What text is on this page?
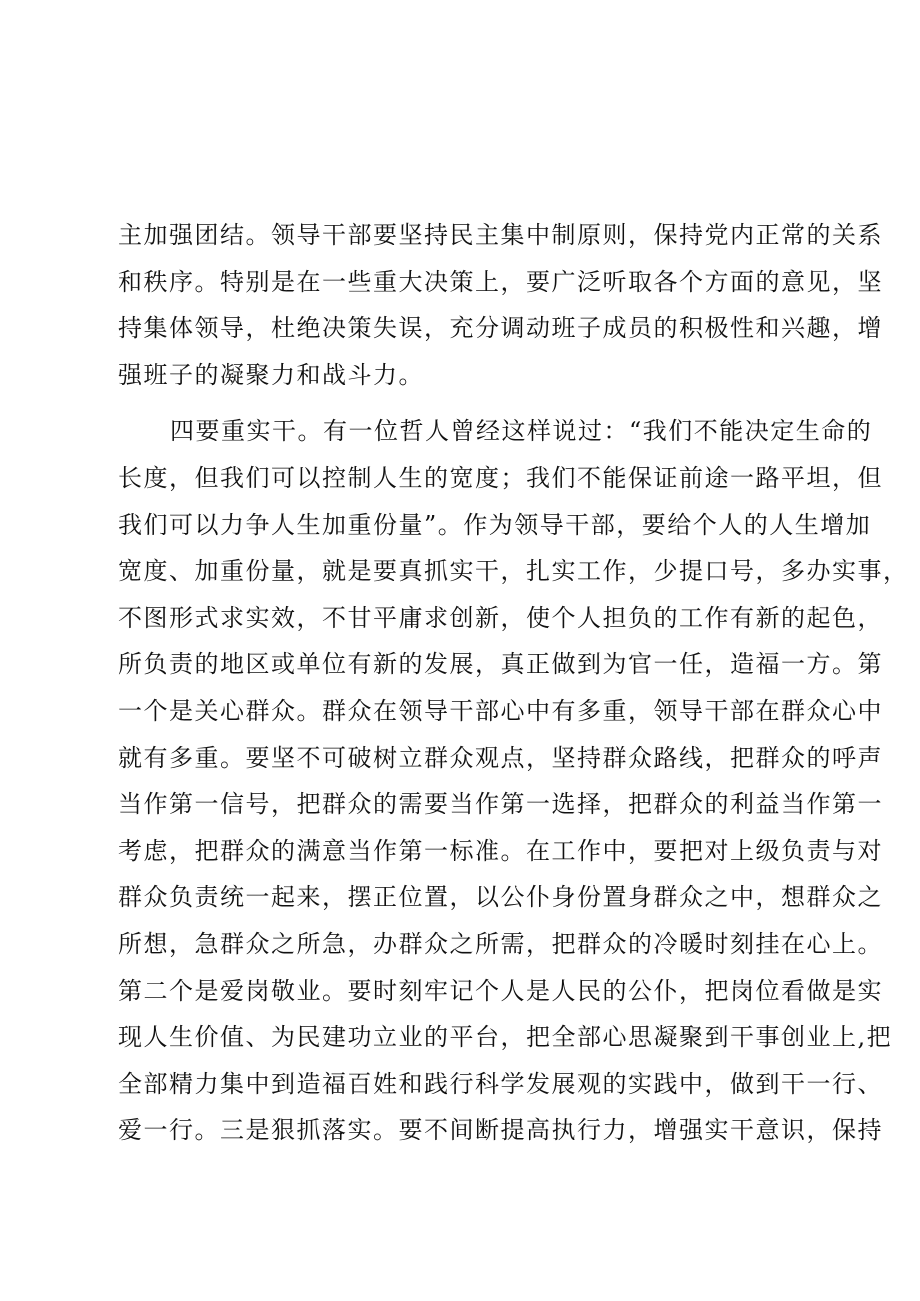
主加强团结。领导干部要坚持民主集中制原则，保持党内正常的关系
和秩序。特别是在一些重大决策上，要广泛听取各个方面的意见，坚
持集体领导，杜绝决策失误，充分调动班子成员的积极性和兴趣，增
强班子的凝聚力和战斗力。
四要重实干。有一位哲人曾经这样说过：“我们不能决定生命的
长度，但我们可以控制人生的宽度；我们不能保证前途一路平坦，但
我们可以力争人生加重份量”。作为领导干部，要给个人的人生增加
宽度、加重份量，就是要真抓实干，扎实工作，少提口号，多办实事，
不图形式求实效，不甘平庸求创新，使个人担负的工作有新的起色，
所负责的地区或单位有新的发展，真正做到为官一任，造福一方。第
一个是关心群众。群众在领导干部心中有多重，领导干部在群众心中
就有多重。要坚不可破树立群众观点，坚持群众路线，把群众的呼声
当作第一信号，把群众的需要当作第一选择，把群众的利益当作第一
考虑，把群众的满意当作第一标准。在工作中，要把对上级负责与对
群众负责统一起来，摆正位置，以公仆身份置身群众之中，想群众之
所想，急群众之所急，办群众之所需，把群众的冷暖时刻挂在心上。
第二个是爱岗敬业。要时刻牢记个人是人民的公仆，把岗位看做是实
现人生价值、为民建功立业的平台，把全部心思凝聚到干事创业上,把
全部精力集中到造福百姓和践行科学发展观的实践中，做到干一行、
爱一行。三是狠抓落实。要不间断提高执行力，增强实干意识，保持
